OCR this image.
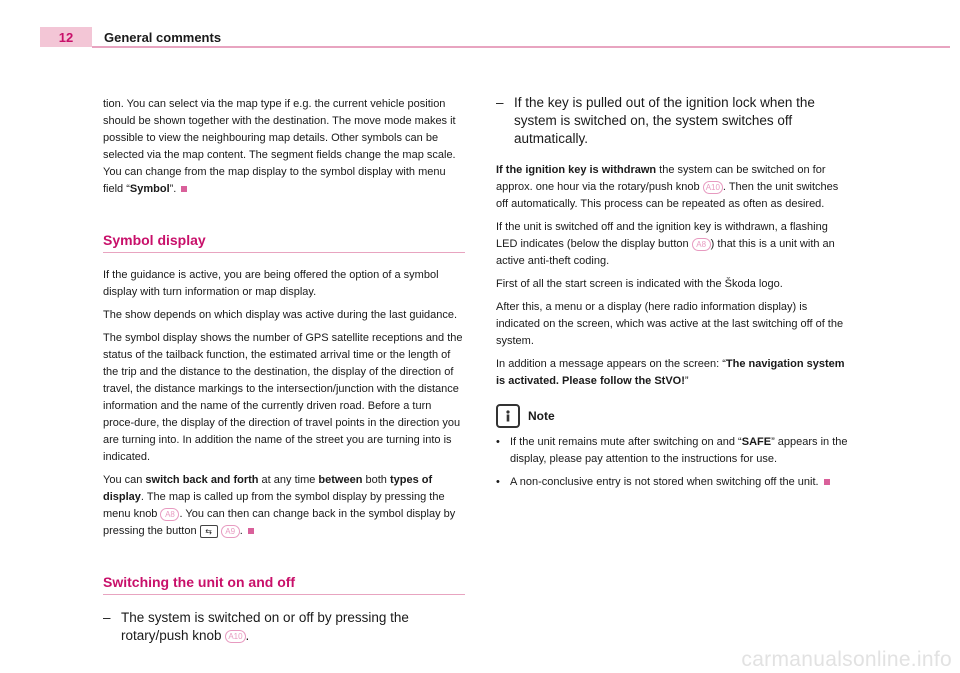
12	General comments

tion. You can select via the map type if e.g. the current vehicle position should be shown together with the destination. The move mode makes it possible to view the neighbouring map details. Other symbols can be selected via the map content. The segment fields change the map scale. You can change from the map display to the symbol display with menu field “Symbol”.

Symbol display

If the guidance is active, you are being offered the option of a symbol display with turn information or map display.

The show depends on which display was active during the last guidance.

The symbol display shows the number of GPS satellite receptions and the status of the tailback function, the estimated arrival time or the length of the trip and the distance to the destination, the display of the direction of travel, the distance markings to the intersection/junction with the distance information and the name of the currently driven road. Before a turn proce-dure, the display of the direction of travel points in the direction you are turning into. In addition the name of the street you are turning into is indicated.

You can switch back and forth at any time between both types of display. The map is called up from the symbol display by pressing the menu knob A8 . You can then can change back in the symbol display by pressing the button ⇆ A9 .

Switching the unit on and off
– The system is switched on or off by pressing the rotary/push knob A10 .
– If the key is pulled out of the ignition lock when the system is switched on, the system switches off autmatically.

If the ignition key is withdrawn the system can be switched on for approx. one hour via the rotary/push knob A10 . Then the unit switches off automatically. This process can be repeated as often as desired.

If the unit is switched off and the ignition key is withdrawn, a flashing LED indicates (below the display button A8 ) that this is a unit with an active anti-theft coding.

First of all the start screen is indicated with the Škoda logo.

After this, a menu or a display (here radio information display) is indicated on the screen, which was active at the last switching off of the system.

In addition a message appears on the screen: “The navigation system is activated. Please follow the StVO!”

Note
• If the unit remains mute after switching on and “SAFE” appears in the display, please pay attention to the instructions for use.
• A non-conclusive entry is not stored when switching off the unit.
carmanualsonline.info
